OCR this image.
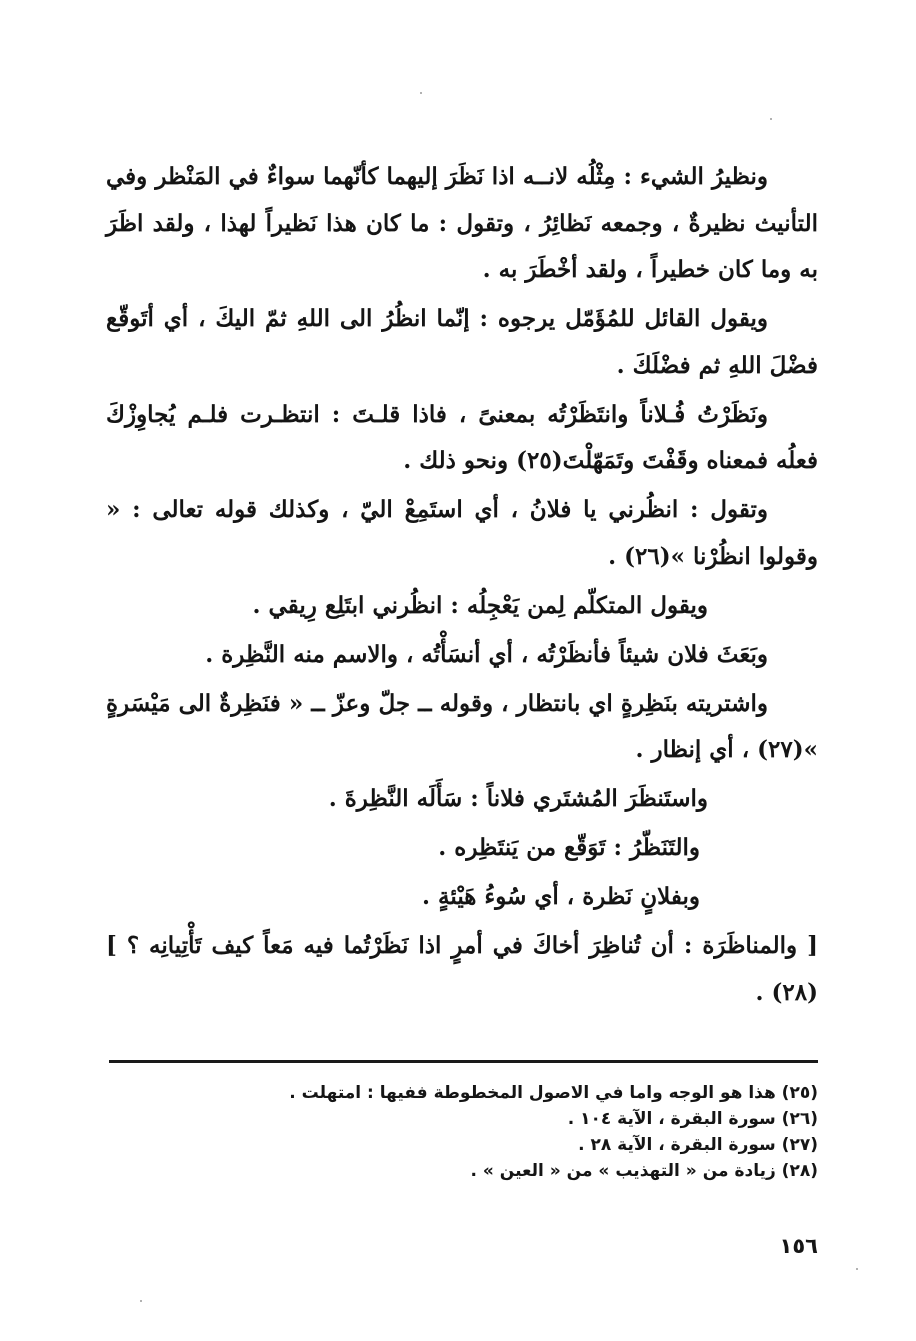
ونظيرُ الشيء : مِثْلُه لانــه اذا نَظَرَ إليهما كأنّهما سواءٌ في المَنْظر وفي التأنيث نظيرةٌ ، وجمعه نَظائِرُ ، وتقول : ما كان هذا نَظيراً لهذا ، ولقد اظَرَ به وما كان خطيراً ، ولقد أخْطَرَ به .

ويقول القائل للمُؤَمّل يرجوه : إنّما انظُرُ الى اللهِ ثمّ اليكَ ، أي أتَوقّع فضْلَ اللهِ ثم فضْلَكَ .

ونَظَرْتُ فُـلاناً وانتَظَرْتُه بمعنىً ، فاذا قلـتَ : انتظـرت فلـم يُجاوِزْكَ فعلُه فمعناه وقَفْتَ وتَمَهّلْتَ(٢٥) ونحو ذلك .

وتقول : انظُرني يا فلانُ ، أي استَمِعْ اليّ ، وكذلك قوله تعالى : « وقولوا انظُرْنا »(٢٦) .

ويقول المتكلّم لِمن يَعْجِلُه : انظُرني ابتَلِع رِيقي .

وبَعَثَ فلان شيئاً فأنظَرْتُه ، أي أنسَأْتُه ، والاسم منه النَّظِرة .

واشتريته بنَظِرةٍ اي بانتظار ، وقوله ــ جلّ وعزّ ــ « فنَظِرةٌ الى مَيْسَرةٍ »(٢٧) ، أي إنظار .

واستَنظَرَ المُشتَري فلاناً : سَأَلَه النَّظِرةَ .

والتَنَظّرُ : تَوَقّع من يَنتَظِره .

وبفلانٍ نَظرة ، أي سُوءُ هَيْئةٍ .

[ والمناظَرَة : أن تُناظِرَ أخاكَ في أمرٍ اذا نَظَرْتُما فيه مَعاً كيف تَأْتِيانِه ؟ ](٢٨) .

(٢٥) هذا هو الوجه واما في الاصول المخطوطة ففيها : امتهلت .
(٢٦) سورة البقرة ، الآية ١٠٤ .
(٢٧) سورة البقرة ، الآية ٢٨ .
(٢٨) زيادة من « التهذيب » من « العين » .
١٥٦
